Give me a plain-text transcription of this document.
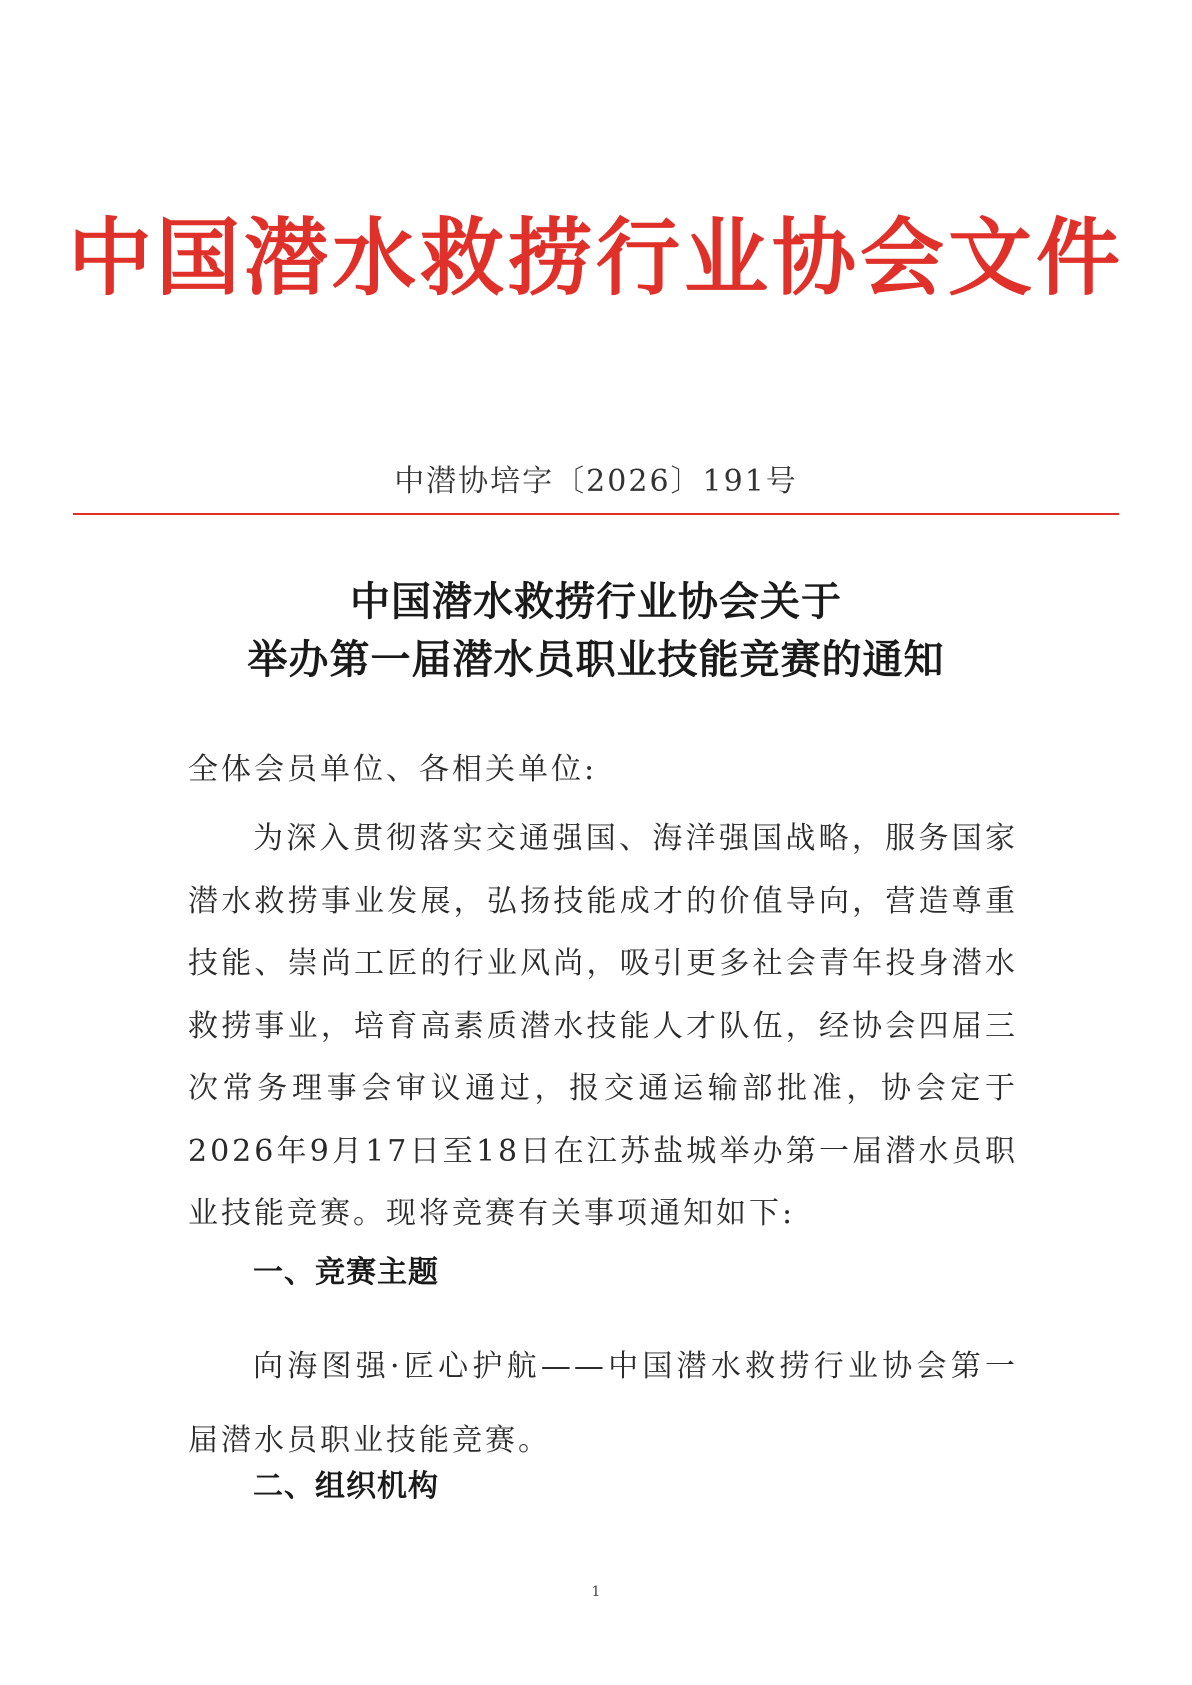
中国潜水救捞行业协会文件
中潜协培字〔2026〕191号
中国潜水救捞行业协会关于
举办第一届潜水员职业技能竞赛的通知
全体会员单位、各相关单位:
为深入贯彻落实交通强国、海洋强国战略，服务国家潜水救捞事业发展，弘扬技能成才的价值导向，营造尊重技能、崇尚工匠的行业风尚，吸引更多社会青年投身潜水救捞事业，培育高素质潜水技能人才队伍，经协会四届三次常务理事会审议通过，报交通运输部批准，协会定于2026年9月17日至18日在江苏盐城举办第一届潜水员职业技能竞赛。现将竞赛有关事项通知如下:
一、竞赛主题
向海图强·匠心护航——中国潜水救捞行业协会第一届潜水员职业技能竞赛。
二、组织机构
1
